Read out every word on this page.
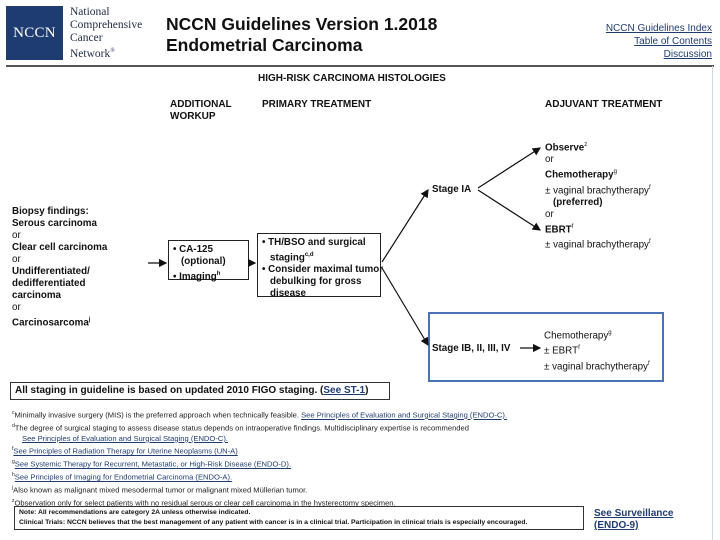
NCCN
National
Comprehensive
Cancer
Network®
NCCN Guidelines Version 1.2018
Endometrial Carcinoma
NCCN Guidelines Index
Table of Contents
Discussion
HIGH-RISK CARCINOMA HISTOLOGIES
ADDITIONAL
WORKUP
PRIMARY TREATMENT	ADJUVANT TREATMENT
Biopsy findings:
Serous carcinoma
or
Clear cell carcinoma
or
Undifferentiated/
dedifferentiated
carcinoma
or
Carcinosarcoma$^j$
• CA-125
(optional)
• Imaging$^h$
• TH/BSO and surgical
staging$^{c,d}$
• Consider maximal tumor
debulking for gross
disease
Stage IA
Stage IB, II, III, IV
Observe$^z$
or
Chemotherapy$^g$
± vaginal brachytherapy$^f$
(preferred)
or
$EBRT^f$
± vaginal brachytherapy$^f$
Chemotherapy$^g$
± $EBRT^f$
± vaginal brachytherapy$^f$
All staging in guideline is based on updated 2010 FIGO staging. (See ST-1)
$^c$Minimally invasive surgery (MIS) is the preferred approach when technically feasible. See Principles of Evaluation and Surgical Staging (ENDO-C).
$^d$The degree of surgical staging to assess disease status depends on intraoperative findings. Multidisciplinary expertise is recommended
See Principles of Evaluation and Surgical Staging (ENDO-C).
$^f$See Principles of Radiation Therapy for Uterine Neoplasms (UN-A)
$^g$See Systemic Therapy for Recurrent, Metastatic, or High-Risk Disease (ENDO-D).
$^h$See Principles of Imaging for Endometrial Carcinoma (ENDO-A).
$^j$Also known as malignant mixed mesodermal tumor or malignant mixed Müllerian tumor.
$^z$Observation only for select patients with no residual serous or clear cell carcinoma in the hysterectomy specimen.
Note: All recommendations are category 2A unless otherwise indicated.
Clinical Trials: NCCN believes that the best management of any patient with cancer is in a clinical trial. Participation in clinical trials is especially encouraged.
See Surveillance
(ENDO-9)
